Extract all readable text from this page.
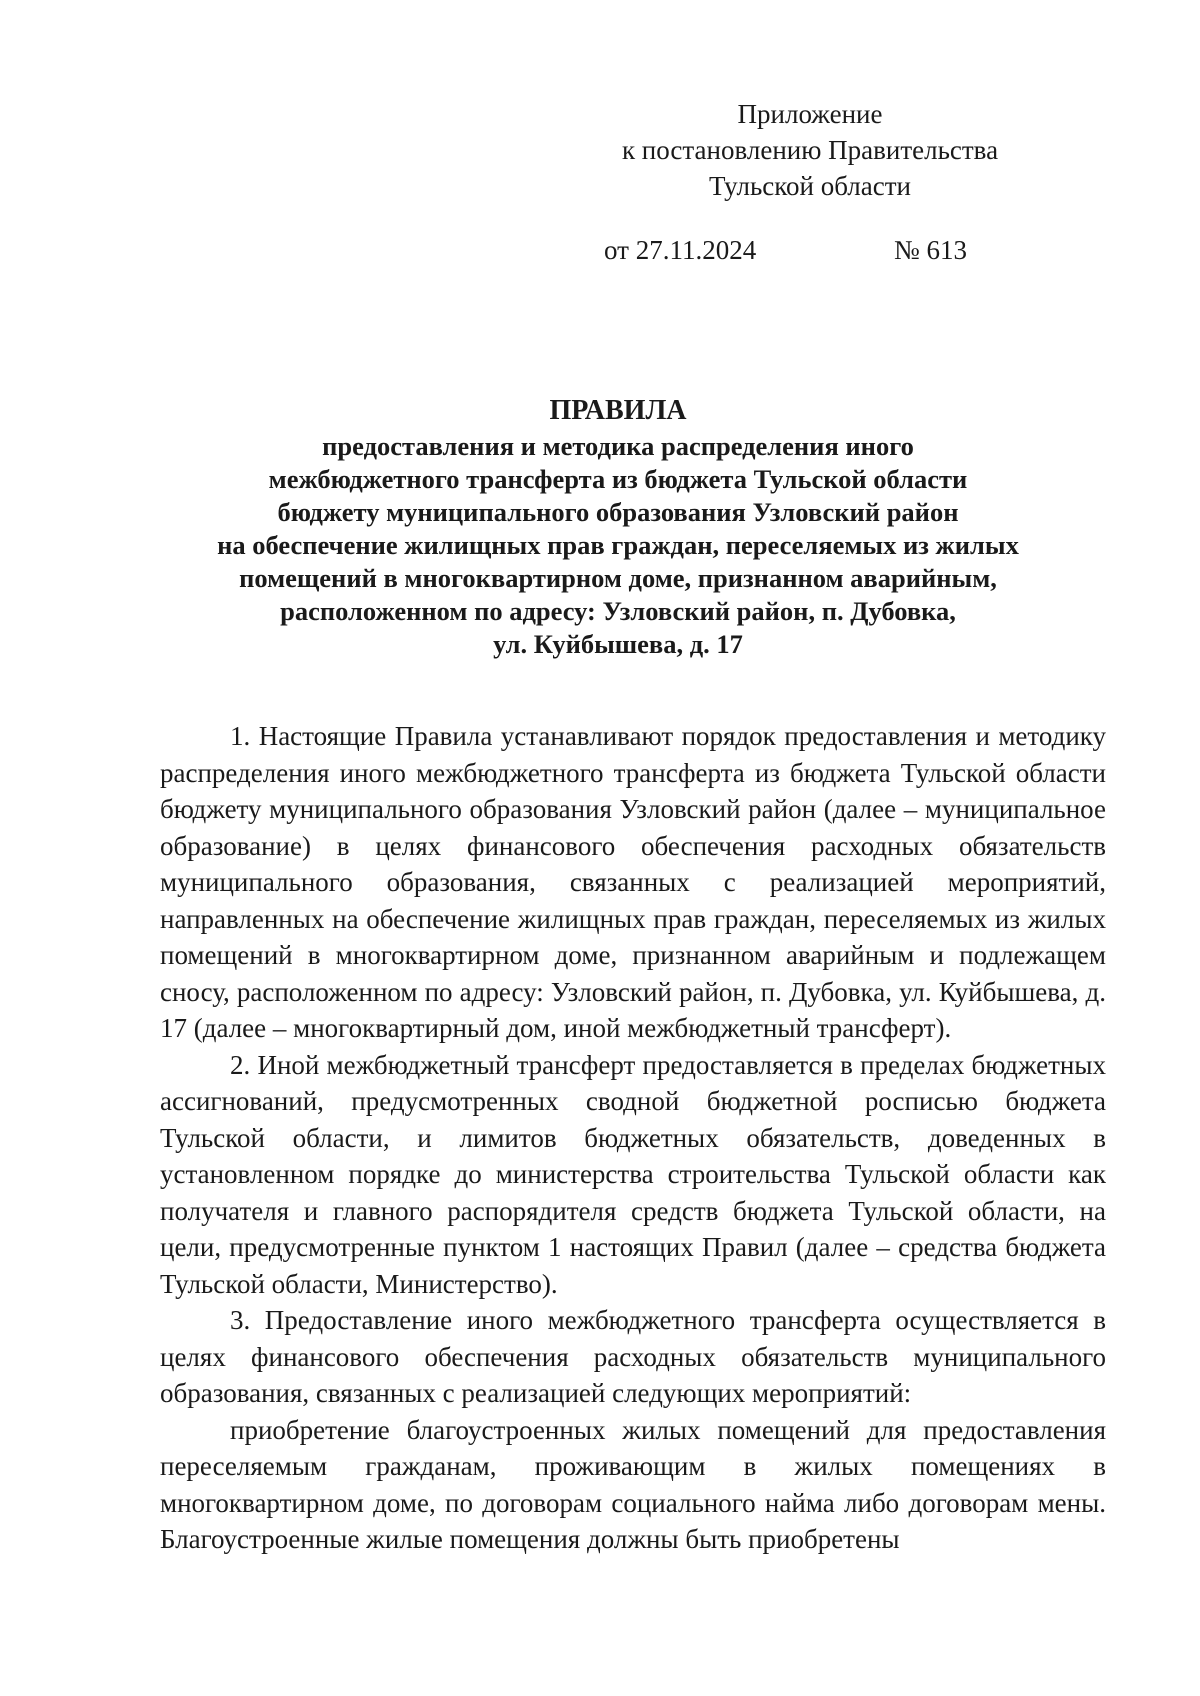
Приложение
к постановлению Правительства
Тульской области
от 27.11.2024	№ 613
ПРАВИЛА
предоставления и методика распределения иного
межбюджетного трансферта из бюджета Тульской области
бюджету муниципального образования Узловский район
на обеспечение жилищных прав граждан, переселяемых из жилых
помещений в многоквартирном доме, признанном аварийным,
расположенном по адресу: Узловский район, п. Дубовка,
ул. Куйбышева, д. 17

1. Настоящие Правила устанавливают порядок предоставления и методику распределения иного межбюджетного трансферта из бюджета Тульской области бюджету муниципального образования Узловский район (далее – муниципальное образование) в целях финансового обеспечения расходных обязательств муниципального образования, связанных с реализацией мероприятий, направленных на обеспечение жилищных прав граждан, переселяемых из жилых помещений в многоквартирном доме, признанном аварийным и подлежащем сносу, расположенном по адресу: Узловский район, п. Дубовка, ул. Куйбышева, д. 17 (далее – многоквартирный дом, иной межбюджетный трансферт).

2. Иной межбюджетный трансферт предоставляется в пределах бюджетных ассигнований, предусмотренных сводной бюджетной росписью бюджета Тульской области, и лимитов бюджетных обязательств, доведенных в установленном порядке до министерства строительства Тульской области как получателя и главного распорядителя средств бюджета Тульской области, на цели, предусмотренные пунктом 1 настоящих Правил (далее – средства бюджета Тульской области, Министерство).

3. Предоставление иного межбюджетного трансферта осуществляется в целях финансового обеспечения расходных обязательств муниципального образования, связанных с реализацией следующих мероприятий:

приобретение благоустроенных жилых помещений для предоставления переселяемым гражданам, проживающим в жилых помещениях в многоквартирном доме, по договорам социального найма либо договорам мены. Благоустроенные жилые помещения должны быть приобретены
